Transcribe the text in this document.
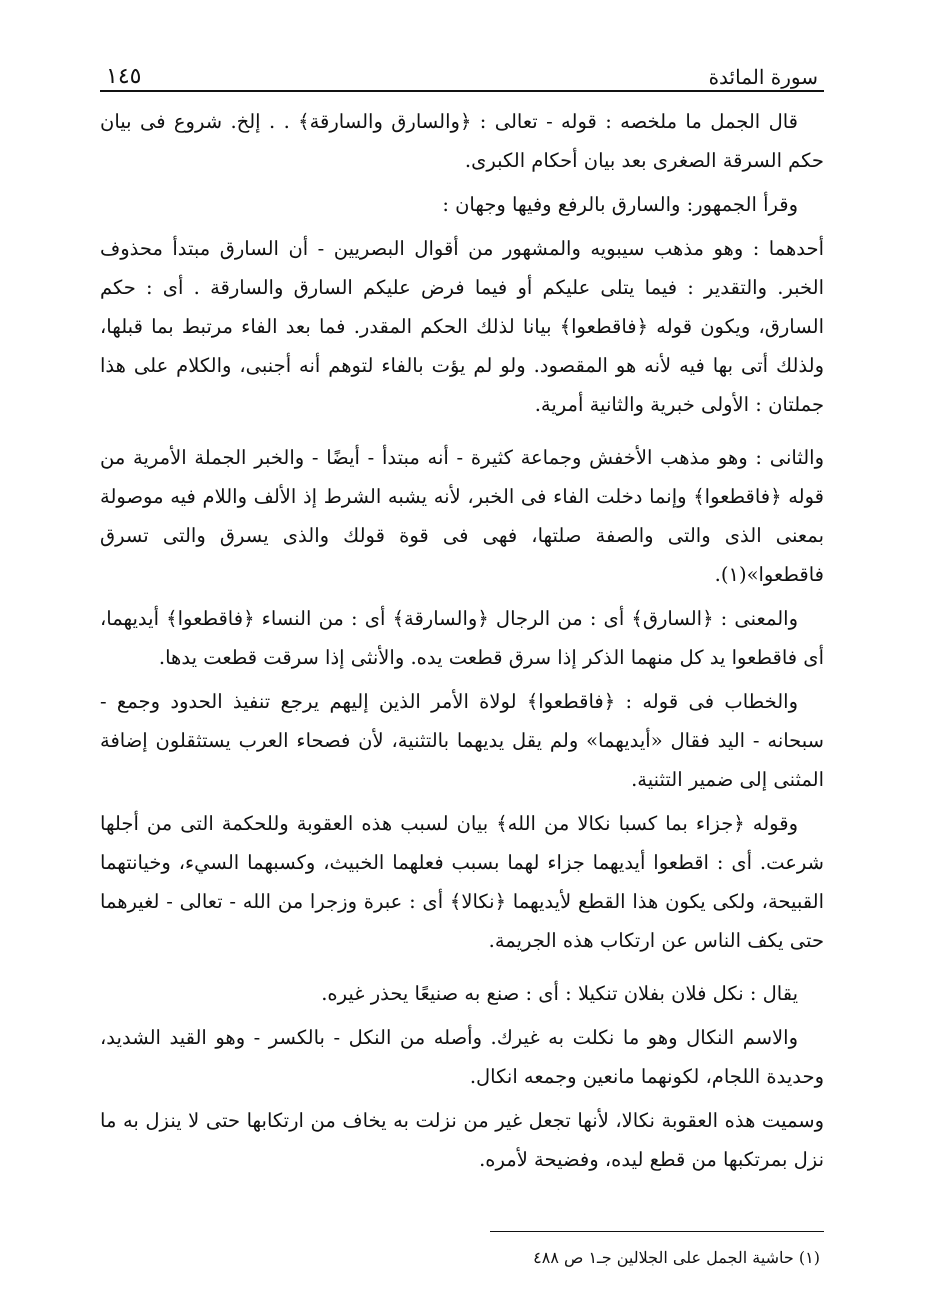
سورة المائدة
١٤٥

قال الجمل ما ملخصه : قوله - تعالى : ﴿والسارق والسارقة﴾ . . إلخ. شروع فى بيان حكم السرقة الصغرى بعد بيان أحكام الكبرى.

وقرأ الجمهور: والسارق بالرفع وفيها وجهان :

أحدهما : وهو مذهب سيبويه والمشهور من أقوال البصريين - أن السارق مبتدأ محذوف الخبر. والتقدير : فيما يتلى عليكم أو فيما فرض عليكم السارق والسارقة . أى : حكم السارق، ويكون قوله ﴿فاقطعوا﴾ بيانا لذلك الحكم المقدر. فما بعد الفاء مرتبط بما قبلها، ولذلك أتى بها فيه لأنه هو المقصود. ولو لم يؤت بالفاء لتوهم أنه أجنبى، والكلام على هذا جملتان : الأولى خبرية والثانية أمرية.

والثانى : وهو مذهب الأخفش وجماعة كثيرة - أنه مبتدأ - أيضًا - والخبر الجملة الأمرية من قوله ﴿فاقطعوا﴾ وإنما دخلت الفاء فى الخبر، لأنه يشبه الشرط إذ الألف واللام فيه موصولة بمعنى الذى والتى والصفة صلتها، فهى فى قوة قولك والذى يسرق والتى تسرق فاقطعوا»(١).

والمعنى : ﴿السارق﴾ أى : من الرجال ﴿والسارقة﴾ أى : من النساء ﴿فاقطعوا﴾ أيديهما، أى فاقطعوا يد كل منهما الذكر إذا سرق قطعت يده. والأنثى إذا سرقت قطعت يدها.

والخطاب فى قوله : ﴿فاقطعوا﴾ لولاة الأمر الذين إليهم يرجع تنفيذ الحدود وجمع - سبحانه - اليد فقال «أيديهما» ولم يقل يديهما بالتثنية، لأن فصحاء العرب يستثقلون إضافة المثنى إلى ضمير التثنية.

وقوله ﴿جزاء بما كسبا نكالا من الله﴾ بيان لسبب هذه العقوبة وللحكمة التى من أجلها شرعت. أى : اقطعوا أيديهما جزاء لهما بسبب فعلهما الخبيث، وكسبهما السيء، وخيانتهما القبيحة، ولكى يكون هذا القطع لأيديهما ﴿نكالا﴾ أى : عبرة وزجرا من الله - تعالى - لغيرهما حتى يكف الناس عن ارتكاب هذه الجريمة.

يقال : نكل فلان بفلان تنكيلا : أى : صنع به صنيعًا يحذر غيره.

والاسم النكال وهو ما نكلت به غيرك. وأصله من النكل - بالكسر - وهو القيد الشديد، وحديدة اللجام، لكونهما مانعين وجمعه انكال.

وسميت هذه العقوبة نكالا، لأنها تجعل غير من نزلت به يخاف من ارتكابها حتى لا ينزل به ما نزل بمرتكبها من قطع ليده، وفضيحة لأمره.

(١) حاشية الجمل على الجلالين جـ١ ص ٤٨٨
